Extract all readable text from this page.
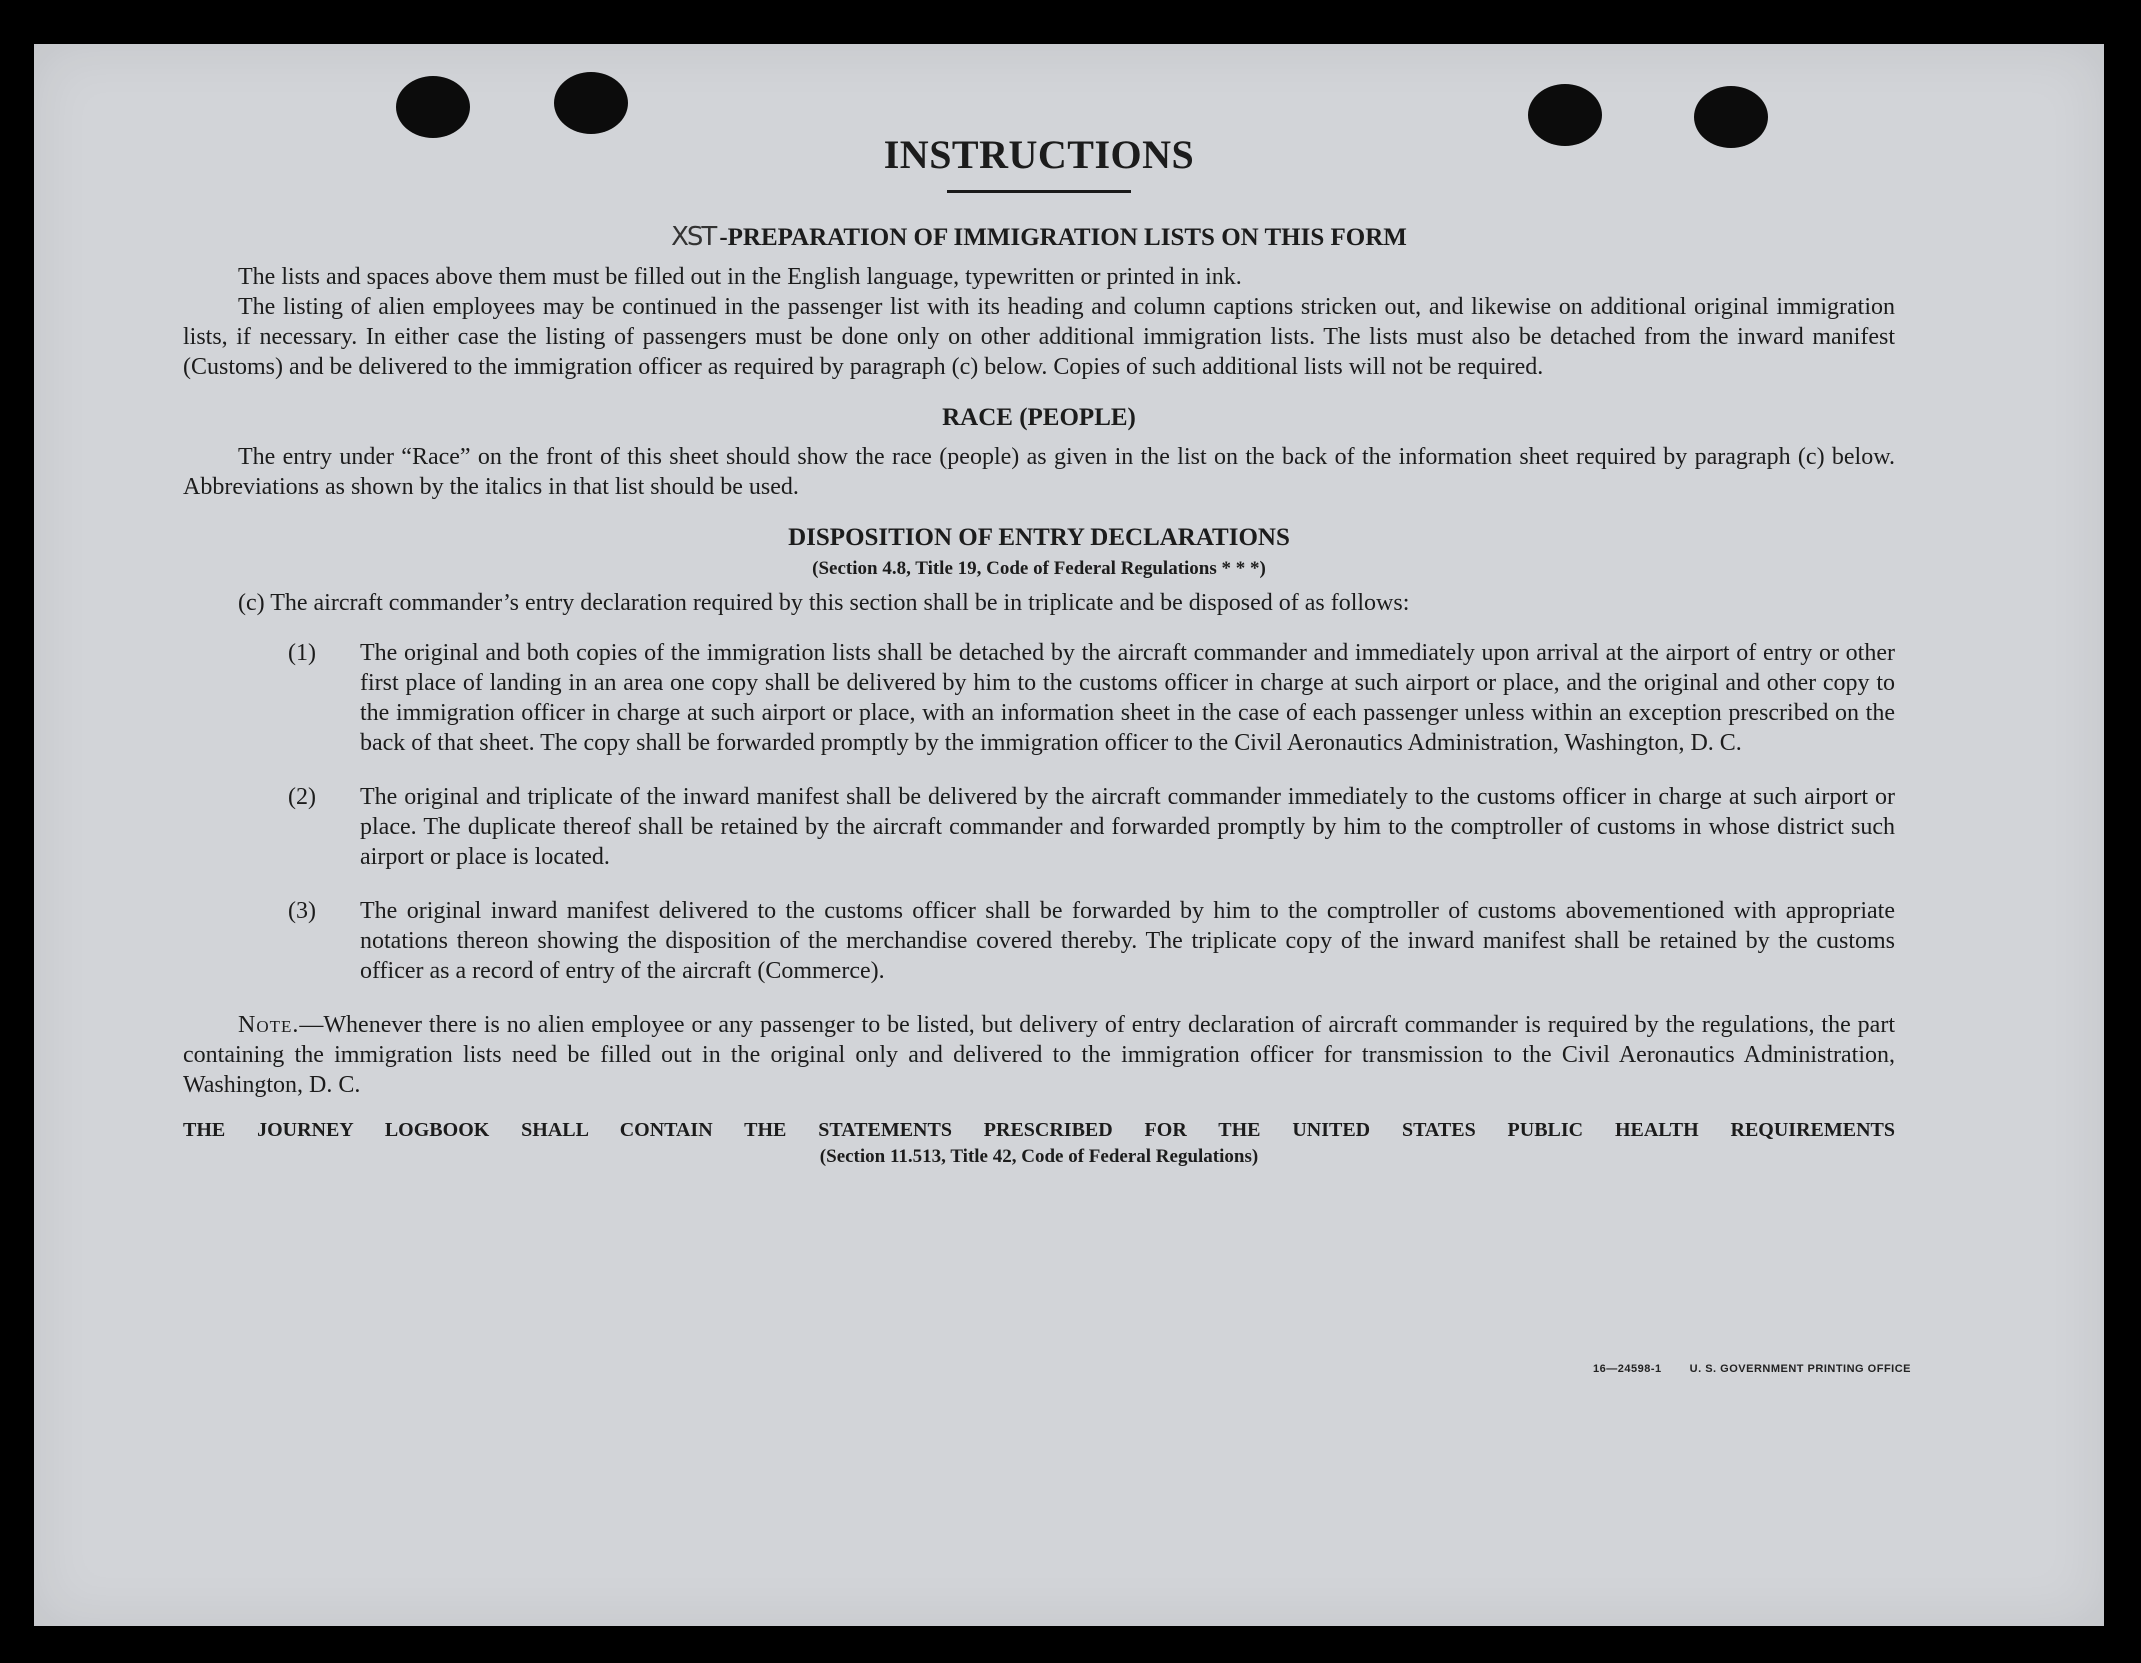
INSTRUCTIONS
XST -PREPARATION OF IMMIGRATION LISTS ON THIS FORM

The lists and spaces above them must be filled out in the English language, typewritten or printed in ink.

The listing of alien employees may be continued in the passenger list with its heading and column captions stricken out, and likewise on additional original immigration lists, if necessary. In either case the listing of passengers must be done only on other additional immigration lists. The lists must also be detached from the inward manifest (Customs) and be delivered to the immigration officer as required by paragraph (c) below. Copies of such additional lists will not be required.

RACE (PEOPLE)

The entry under “Race” on the front of this sheet should show the race (people) as given in the list on the back of the information sheet required by paragraph (c) below. Abbreviations as shown by the italics in that list should be used.

DISPOSITION OF ENTRY DECLARATIONS
(Section 4.8, Title 19, Code of Federal Regulations * * *)

(c) The aircraft commander’s entry declaration required by this section shall be in triplicate and be disposed of as follows:

(1) The original and both copies of the immigration lists shall be detached by the aircraft commander and immediately upon arrival at the airport of entry or other first place of landing in an area one copy shall be delivered by him to the customs officer in charge at such airport or place, and the original and other copy to the immigration officer in charge at such airport or place, with an information sheet in the case of each passenger unless within an exception prescribed on the back of that sheet. The copy shall be forwarded promptly by the immigration officer to the Civil Aeronautics Administration, Washington, D. C.

(2) The original and triplicate of the inward manifest shall be delivered by the aircraft commander immediately to the customs officer in charge at such airport or place. The duplicate thereof shall be retained by the aircraft commander and forwarded promptly by him to the comptroller of customs in whose district such airport or place is located.

(3) The original inward manifest delivered to the customs officer shall be forwarded by him to the comptroller of customs abovementioned with appropriate notations thereon showing the disposition of the merchandise covered thereby. The triplicate copy of the inward manifest shall be retained by the customs officer as a record of entry of the aircraft (Commerce).

Note.—Whenever there is no alien employee or any passenger to be listed, but delivery of entry declaration of aircraft commander is required by the regulations, the part containing the immigration lists need be filled out in the original only and delivered to the immigration officer for transmission to the Civil Aeronautics Administration, Washington, D. C.

THE JOURNEY LOGBOOK SHALL CONTAIN THE STATEMENTS PRESCRIBED FOR THE UNITED STATES PUBLIC HEALTH REQUIREMENTS
(Section 11.513, Title 42, Code of Federal Regulations)
16—24598-1	U. S. GOVERNMENT PRINTING OFFICE
